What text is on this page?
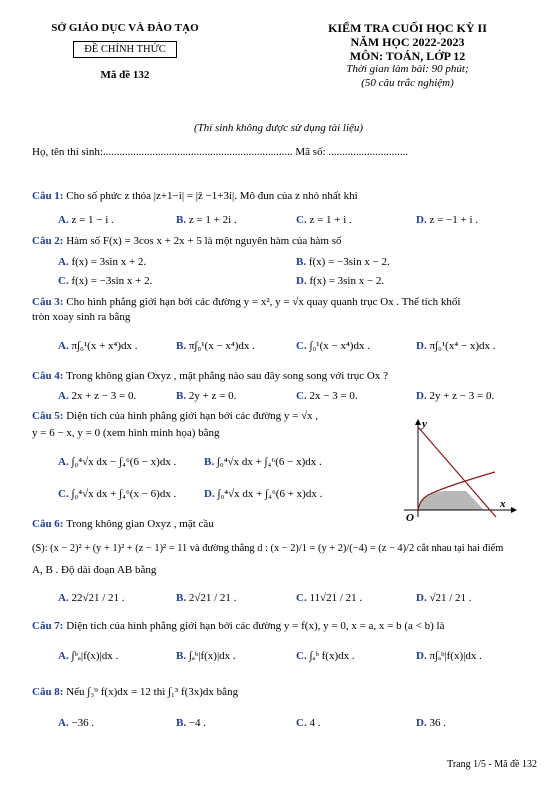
SỞ GIÁO DỤC VÀ ĐÀO TẠO
ĐỀ CHÍNH THỨC
Mã đề 132
KIỂM TRA CUỐI HỌC KỲ II
NĂM HỌC 2022-2023
MÔN: TOÁN, LỚP 12
Thời gian làm bài: 90 phút;
(50 câu trắc nghiệm)
(Thí sinh không được sử dụng tài liệu)
Họ, tên thí sinh:..................................................................... Mã số: .............................
Câu 1: Cho số phức z thỏa |z+1−i| = |z̄ −1+3i|. Mô đun của z nhỏ nhất khi
A. z = 1 − i .	B. z = 1 + 2i .	C. z = 1 + i .	D. z = −1 + i .
Câu 2: Hàm số F(x) = 3cos x + 2x + 5 là một nguyên hàm của hàm số
A. f(x) = 3sin x + 2.	B. f(x) = −3sin x − 2.
C. f(x) = −3sin x + 2.	D. f(x) = 3sin x − 2.
Câu 3: Cho hình phẳng giới hạn bởi các đường y = x², y = √x quay quanh trục Ox . Thể tích khối
tròn xoay sinh ra bằng
A. π∫₀¹(x + x⁴)dx .	B. π∫₀¹(x − x⁴)dx .	C. ∫₀¹(x − x⁴)dx .	D. π∫₀¹(x⁴ − x)dx .
Câu 4: Trong không gian Oxyz , mặt phẳng nào sau đây song song với trục Ox ?
A. 2x + z − 3 = 0.	B. 2y + z = 0.	C. 2x − 3 = 0.	D. 2y + z − 3 = 0.
Câu 5: Diện tích của hình phẳng giới hạn bởi các đường y = √x ,
y = 6 − x, y = 0 (xem hình minh họa) bằng
A. ∫₀⁴√x dx − ∫₄⁶(6 − x)dx .	B. ∫₀⁴√x dx + ∫₄⁶(6 − x)dx .
C. ∫₀⁴√x dx + ∫₄⁶(x − 6)dx .	D. ∫₀⁴√x dx + ∫₄⁶(6 + x)dx .
y
x
O
Câu 6: Trong không gian Oxyz , mặt cầu
(S): (x − 2)² + (y + 1)² + (z − 1)² = 11 và đường thẳng d : (x − 2)/1 = (y + 2)/(−4) = (z − 4)/2 cắt nhau tại hai điểm
A, B . Độ dài đoạn AB bằng
A. 22√21 / 21 .	B. 2√21 / 21 .	C. 11√21 / 21 .	D. √21 / 21 .
Câu 7: Diện tích của hình phẳng giới hạn bởi các đường y = f(x), y = 0, x = a, x = b (a < b) là
A. ∫ᵇₐ|f(x)|dx .	B. ∫ₐᵇ|f(x)|dx .	C. ∫ₐᵇ f(x)dx .	D. π∫ₐᵇ|f(x)|dx .
Câu 8: Nếu ∫₃⁹ f(x)dx = 12 thì ∫₁³ f(3x)dx bằng
A. −36 .	B. −4 .	C. 4 .	D. 36 .
Trang 1/5 - Mã đề 132
